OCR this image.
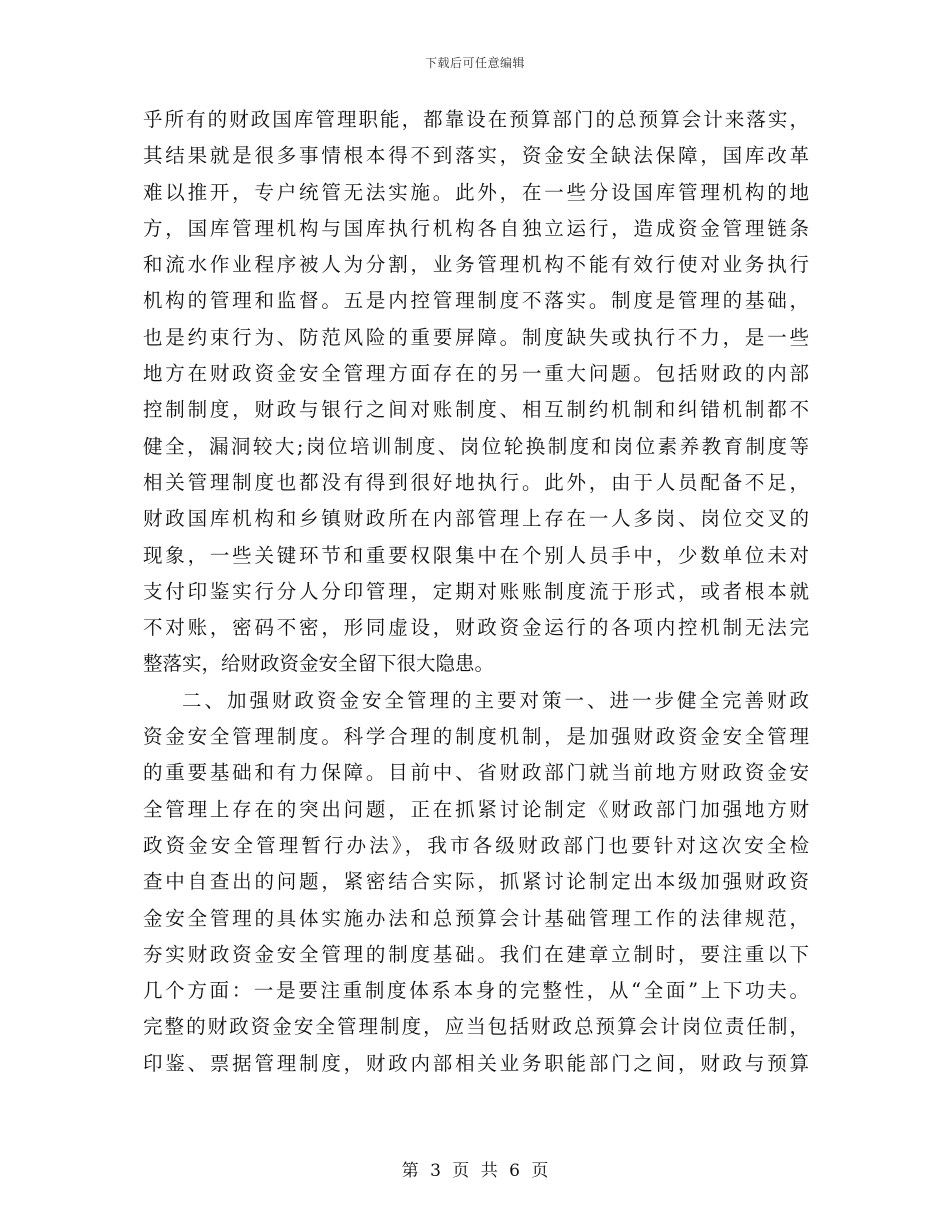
下载后可任意编辑
乎所有的财政国库管理职能，都靠设在预算部门的总预算会计来落实，
其结果就是很多事情根本得不到落实，资金安全缺法保障，国库改革
难以推开，专户统管无法实施。此外，在一些分设国库管理机构的地
方，国库管理机构与国库执行机构各自独立运行，造成资金管理链条
和流水作业程序被人为分割，业务管理机构不能有效行使对业务执行
机构的管理和监督。五是内控管理制度不落实。制度是管理的基础，
也是约束行为、防范风险的重要屏障。制度缺失或执行不力，是一些
地方在财政资金安全管理方面存在的另一重大问题。包括财政的内部
控制制度，财政与银行之间对账制度、相互制约机制和纠错机制都不
健全，漏洞较大;岗位培训制度、岗位轮换制度和岗位素养教育制度等
相关管理制度也都没有得到很好地执行。此外，由于人员配备不足，
财政国库机构和乡镇财政所在内部管理上存在一人多岗、岗位交叉的
现象，一些关键环节和重要权限集中在个别人员手中，少数单位未对
支付印鉴实行分人分印管理，定期对账账制度流于形式，或者根本就
不对账，密码不密，形同虚设，财政资金运行的各项内控机制无法完
整落实，给财政资金安全留下很大隐患。
二、加强财政资金安全管理的主要对策一、进一步健全完善财政
资金安全管理制度。科学合理的制度机制，是加强财政资金安全管理
的重要基础和有力保障。目前中、省财政部门就当前地方财政资金安
全管理上存在的突出问题，正在抓紧讨论制定《财政部门加强地方财
政资金安全管理暂行办法》，我市各级财政部门也要针对这次安全检
查中自查出的问题，紧密结合实际，抓紧讨论制定出本级加强财政资
金安全管理的具体实施办法和总预算会计基础管理工作的法律规范，
夯实财政资金安全管理的制度基础。我们在建章立制时，要注重以下
几个方面：一是要注重制度体系本身的完整性，从“全面”上下功夫。
完整的财政资金安全管理制度，应当包括财政总预算会计岗位责任制，
印鉴、票据管理制度，财政内部相关业务职能部门之间，财政与预算
第 3 页 共 6 页
